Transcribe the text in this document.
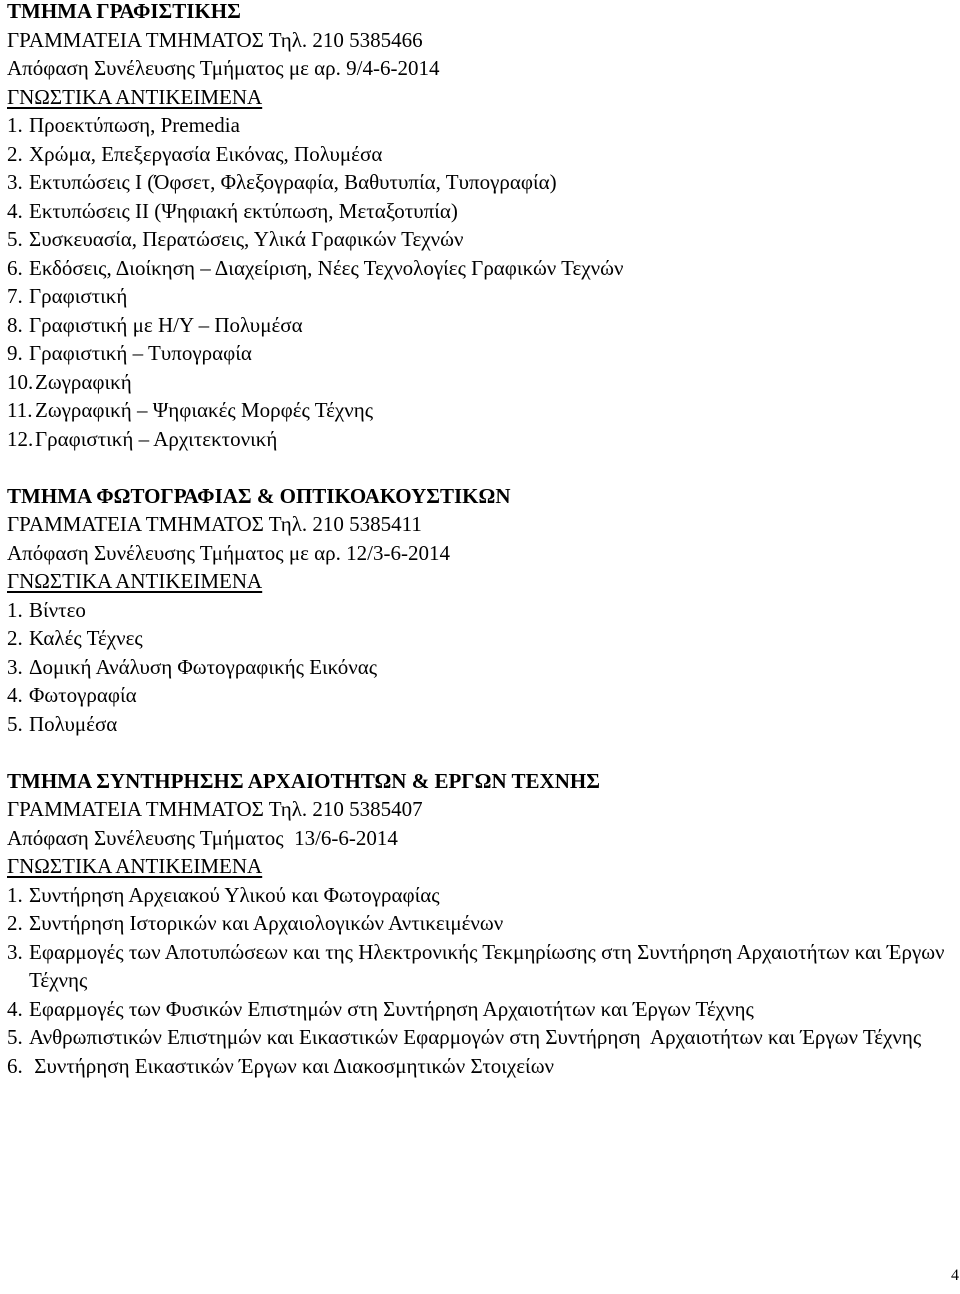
ΤΜΗΜΑ ΓΡΑΦΙΣΤΙΚΗΣ
ΓΡΑΜΜΑΤΕΙΑ ΤΜΗΜΑΤΟΣ Τηλ. 210 5385466
Απόφαση Συνέλευσης Τμήματος με αρ. 9/4-6-2014
ΓΝΩΣΤΙΚΑ ΑΝΤΙΚΕΙΜΕΝΑ
1. Προεκτύπωση, Premedia
2. Χρώμα, Επεξεργασία Εικόνας, Πολυμέσα
3. Εκτυπώσεις Ι (Όφσετ, Φλεξογραφία, Βαθυτυπία, Τυπογραφία)
4. Εκτυπώσεις ΙΙ (Ψηφιακή εκτύπωση, Μεταξοτυπία)
5. Συσκευασία, Περατώσεις, Υλικά Γραφικών Τεχνών
6. Εκδόσεις, Διοίκηση – Διαχείριση, Νέες Τεχνολογίες Γραφικών Τεχνών
7. Γραφιστική
8. Γραφιστική με Η/Υ – Πολυμέσα
9. Γραφιστική – Τυπογραφία
10. Ζωγραφική
11. Ζωγραφική – Ψηφιακές Μορφές Τέχνης
12. Γραφιστική – Αρχιτεκτονική
ΤΜΗΜΑ ΦΩΤΟΓΡΑΦΙΑΣ & ΟΠΤΙΚΟΑΚΟΥΣΤΙΚΩΝ
ΓΡΑΜΜΑΤΕΙΑ ΤΜΗΜΑΤΟΣ Τηλ. 210 5385411
Απόφαση Συνέλευσης Τμήματος με αρ. 12/3-6-2014
ΓΝΩΣΤΙΚΑ ΑΝΤΙΚΕΙΜΕΝΑ
1. Βίντεο
2. Καλές Τέχνες
3. Δομική Ανάλυση Φωτογραφικής Εικόνας
4. Φωτογραφία
5. Πολυμέσα
ΤΜΗΜΑ ΣΥΝΤΗΡΗΣΗΣ ΑΡΧΑΙΟΤΗΤΩΝ & ΕΡΓΩΝ ΤΕΧΝΗΣ
ΓΡΑΜΜΑΤΕΙΑ ΤΜΗΜΑΤΟΣ Τηλ. 210 5385407
Απόφαση Συνέλευσης Τμήματος  13/6-6-2014
ΓΝΩΣΤΙΚΑ ΑΝΤΙΚΕΙΜΕΝΑ
1. Συντήρηση Αρχειακού Υλικού και Φωτογραφίας
2. Συντήρηση Ιστορικών και Αρχαιολογικών Αντικειμένων
3. Εφαρμογές των Αποτυπώσεων και της Ηλεκτρονικής Τεκμηρίωσης στη Συντήρηση Αρχαιοτήτων και Έργων Τέχνης
4. Εφαρμογές των Φυσικών Επιστημών στη Συντήρηση Αρχαιοτήτων και Έργων Τέχνης
5. Ανθρωπιστικών Επιστημών και Εικαστικών Εφαρμογών στη Συντήρηση  Αρχαιοτήτων και Έργων Τέχνης
6. Συντήρηση Εικαστικών Έργων και Διακοσμητικών Στοιχείων
4
